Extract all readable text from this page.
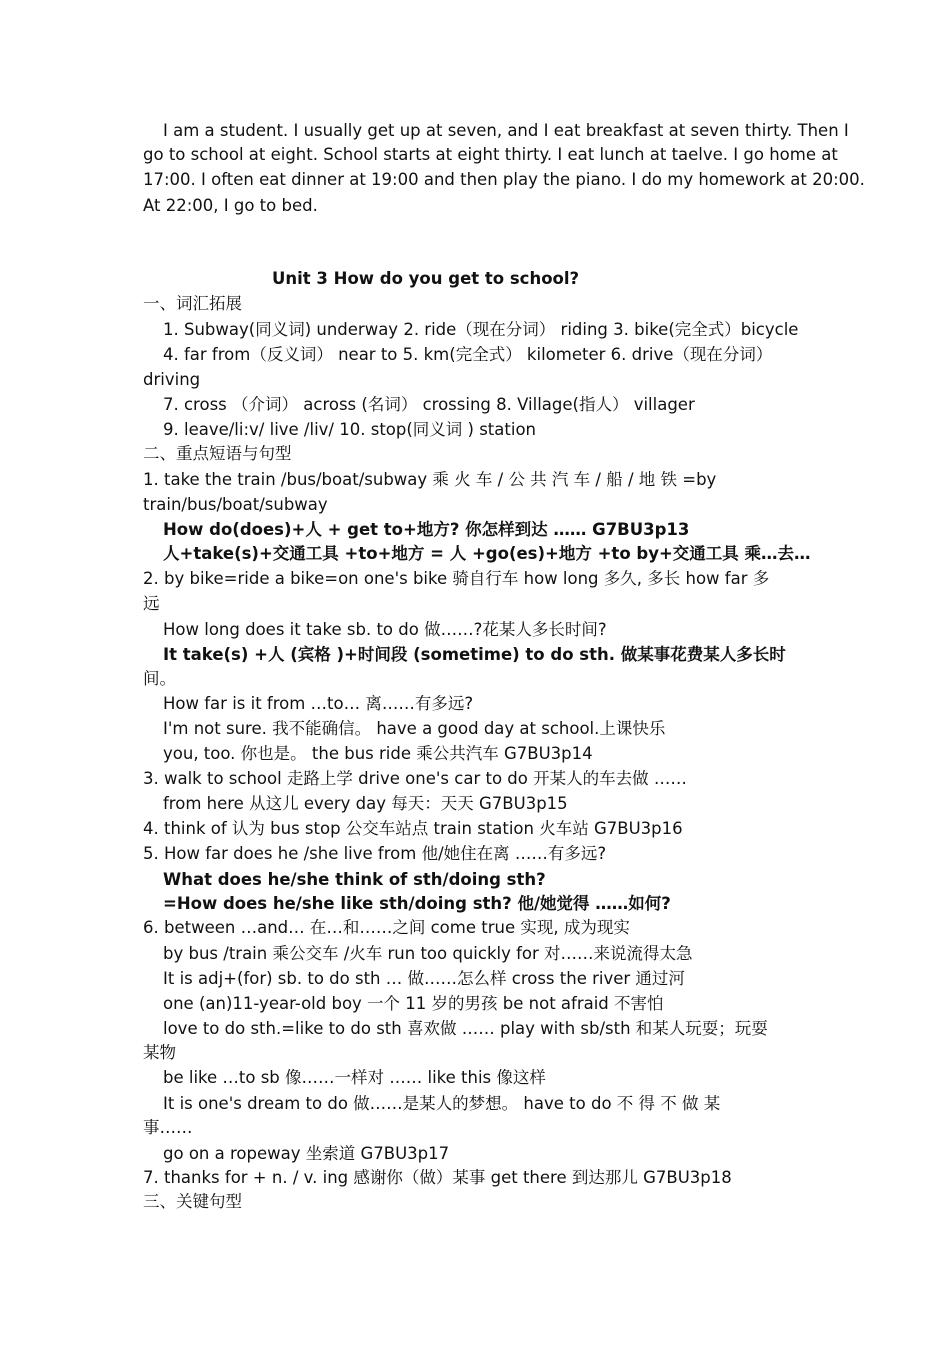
I am a student. I usually get up at seven, and I eat breakfast at seven thirty. Then I
go to school at eight. School starts at eight thirty. I eat lunch at taelve. I go home at
17:00. I often eat dinner at 19:00 and then play the piano. I do my homework at 20:00.
At 22:00, I go to bed.
Unit 3 How do you get to school?
一、词汇拓展
1. Subway(同义词) underway 2. ride（现在分词） riding 3. bike(完全式）bicycle
4. far from（反义词） near to 5. km(完全式） kilometer 6. drive（现在分词）
driving
7. cross （介词） across (名词） crossing 8. Village(指人） villager
9. leave/li:v/ live /liv/ 10. stop(同义词 ) station
二、重点短语与句型
1. take the train /bus/boat/subway 乘 火 车 / 公 共 汽 车 / 船 / 地 铁 =by
train/bus/boat/subway
How do(does)+人 + get to+地方? 你怎样到达 …… G7BU3p13
人+take(s)+交通工具 +to+地方 = 人 +go(es)+地方 +to by+交通工具 乘…去…
2. by bike=ride a bike=on one's bike 骑自行车 how long 多久, 多长 how far 多
远
How long does it take sb. to do 做……?花某人多长时间?
It take(s) +人 (宾格 )+时间段 (sometime) to do sth. 做某事花费某人多长时
间。
How far is it from …to… 离……有多远?
I'm not sure. 我不能确信。 have a good day at school.上课快乐
you, too. 你也是。 the bus ride 乘公共汽车 G7BU3p14
3. walk to school 走路上学 drive one's car to do 开某人的车去做 ……
from here 从这儿 every day 每天：天天 G7BU3p15
4. think of 认为 bus stop 公交车站点 train station 火车站 G7BU3p16
5. How far does he /she live from 他/她住在离 ……有多远?
What does he/she think of sth/doing sth?
=How does he/she like sth/doing sth? 他/她觉得 ……如何?
6. between …and… 在…和……之间 come true 实现, 成为现实
by bus /train 乘公交车 /火车 run too quickly for 对……来说流得太急
It is adj+(for) sb. to do sth … 做……怎么样 cross the river 通过河
one (an)11-year-old boy 一个 11 岁的男孩 be not afraid 不害怕
love to do sth.=like to do sth 喜欢做 …… play with sb/sth 和某人玩耍；玩耍
某物
be like …to sb 像……一样对 …… like this 像这样
It is one's dream to do 做……是某人的梦想。 have to do 不 得 不 做 某
事……
go on a ropeway 坐索道 G7BU3p17
7. thanks for + n. / v. ing 感谢你（做）某事 get there 到达那儿 G7BU3p18
三、关键句型
